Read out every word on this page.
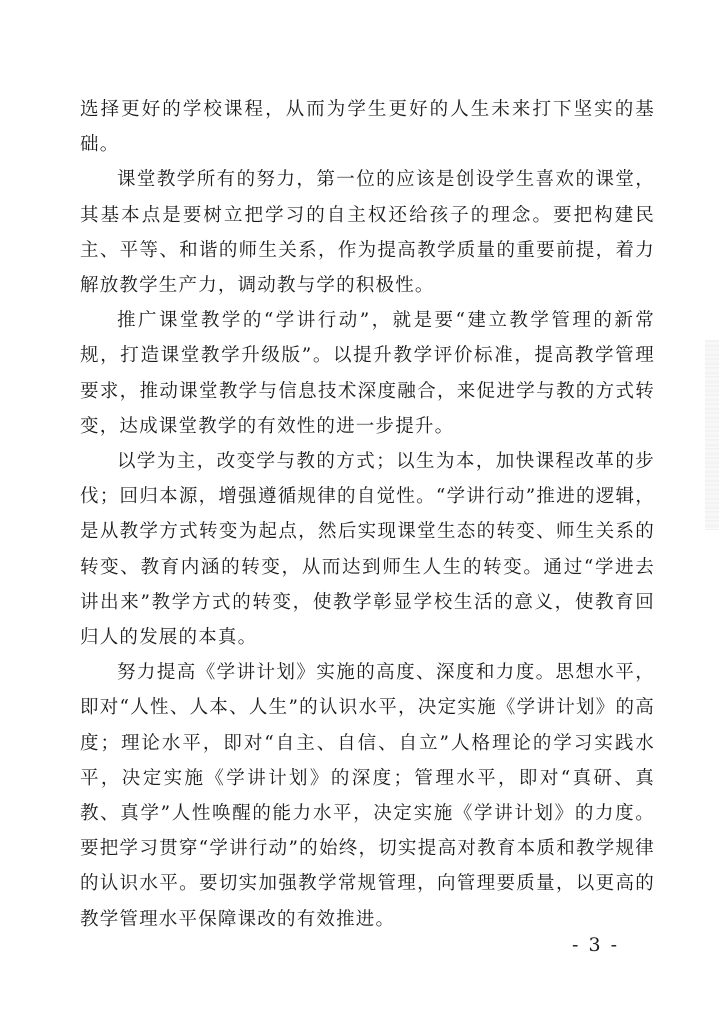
选择更好的学校课程，从而为学生更好的人生未来打下坚实的基础。

课堂教学所有的努力，第一位的应该是创设学生喜欢的课堂，其基本点是要树立把学习的自主权还给孩子的理念。要把构建民主、平等、和谐的师生关系，作为提高教学质量的重要前提，着力解放教学生产力，调动教与学的积极性。

推广课堂教学的“学讲行动”，就是要“建立教学管理的新常规，打造课堂教学升级版”。以提升教学评价标准，提高教学管理要求，推动课堂教学与信息技术深度融合，来促进学与教的方式转变，达成课堂教学的有效性的进一步提升。

以学为主，改变学与教的方式；以生为本，加快课程改革的步伐；回归本源，增强遵循规律的自觉性。“学讲行动”推进的逻辑，是从教学方式转变为起点，然后实现课堂生态的转变、师生关系的转变、教育内涵的转变，从而达到师生人生的转变。通过“学进去 讲出来”教学方式的转变，使教学彰显学校生活的意义，使教育回归人的发展的本真。

努力提高《学讲计划》实施的高度、深度和力度。思想水平，即对“人性、人本、人生”的认识水平，决定实施《学讲计划》的高度；理论水平，即对“自主、自信、自立”人格理论的学习实践水平，决定实施《学讲计划》的深度；管理水平，即对“真研、真教、真学”人性唤醒的能力水平，决定实施《学讲计划》的力度。要把学习贯穿“学讲行动”的始终，切实提高对教育本质和教学规律的认识水平。要切实加强教学常规管理，向管理要质量，以更高的教学管理水平保障课改的有效推进。

- 3 -
